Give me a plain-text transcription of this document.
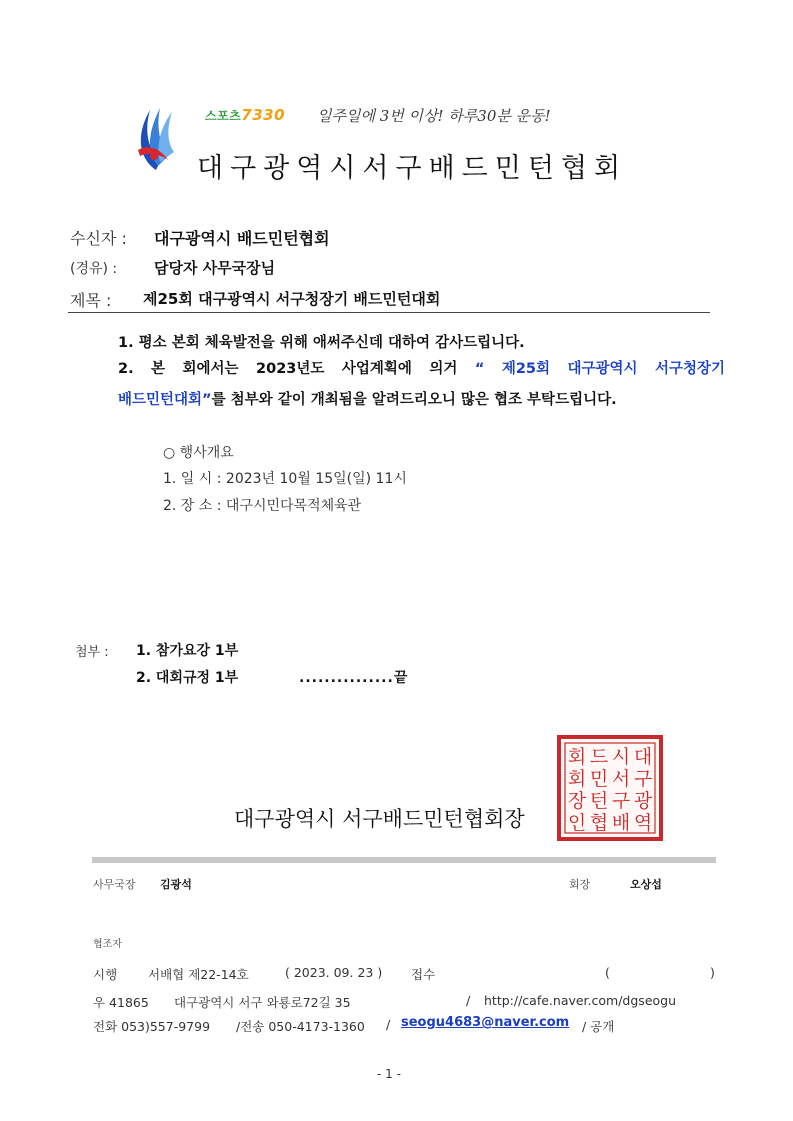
스포츠7330 일주일에 3번 이상! 하루30분 운동!
대구광역시서구배드민턴협회
수신자 : 대구광역시 배드민턴협회
(경유) : 담당자 사무국장님
제목 : 제25회 대구광역시 서구청장기 배드민턴대회
1. 평소 본회 체육발전을 위해 애써주신데 대하여 감사드립니다.
2. 본 회에서는 2023년도 사업계획에 의거 “ 제25회 대구광역시 서구청장기
배드민턴대회”를 첨부와 같이 개최됨을 알려드리오니 많은 협조 부탁드립니다.
○ 행사개요
1. 일 시 : 2023년 10월 15일(일) 11시
2. 장 소 : 대구시민다목적체육관
첨부 : 1. 참가요강 1부
2. 대회규정 1부	...............끝
대구광역시 서구배드민턴협회장
대
구
광
역
시
서
구
배
드
민
턴
협
회
회
장
인
사무국장 김광석	회장	오상섭
협조자
시행 서배협 제22-14호	( 2023. 09. 23 ) 접수	(	)
우 41865 대구광역시 서구 와룡로72길 35	/ http://cafe.naver.com/dgseogu
전화 053)557-9799 /전송 050-4173-1360 / seogu4683@naver.com / 공개
- 1 -
